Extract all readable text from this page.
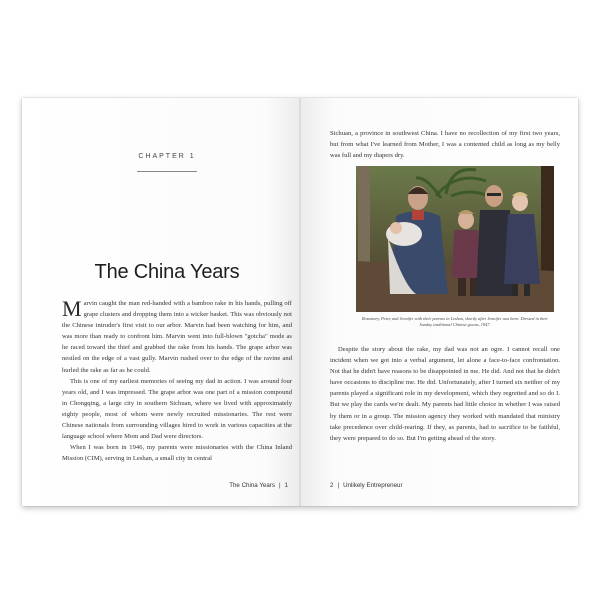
CHAPTER 1
The China Years

Marvin caught the man red-handed with a bamboo rake in his hands, pulling off grape clusters and dropping them into a wicker basket. This was obviously not the Chinese intruder's first visit to our arbor. Marvin had been watching for him, and was more than ready to confront him. Marvin went into full-blown "gotcha" mode as he raced toward the thief and grabbed the rake from his hands. The grape arbor was nestled on the edge of a vast gully. Marvin rushed over to the edge of the ravine and hurled the rake as far as he could.

This is one of my earliest memories of seeing my dad in action. I was around four years old, and I was impressed. The grape arbor was one part of a mission compound in Chongqing, a large city in southern Sichuan, where we lived with approximately eighty people, most of whom were newly recruited missionaries. The rest were Chinese nationals from surrounding villages hired to work in various capacities at the language school where Mom and Dad were directors.

When I was born in 1946, my parents were missionaries with the China Inland Mission (CIM), serving in Leshan, a small city in central

The China Years | 1

Sichuan, a province in southwest China. I have no recollection of my first two years, but from what I've learned from Mother, I was a contented child as long as my belly was full and my diapers dry.

Rosemary, Peter, and Jennifer with their parents in Leshan, shortly after Jennifer was born. Dressed in their Sunday traditional Chinese gowns, 1947.

Despite the story about the rake, my dad was not an ogre. I cannot recall one incident when we got into a verbal argument, let alone a face-to-face confrontation. Not that he didn't have reasons to be disappointed in me. He did. And not that he didn't have occasions to discipline me. He did. Unfortunately, after I turned six neither of my parents played a significant role in my development, which they regretted and so do I. But we play the cards we're dealt. My parents had little choice in whether I was raised by them or in a group. The mission agency they worked with mandated that ministry take precedence over child-rearing. If they, as parents, had to sacrifice to be faithful, they were prepared to do so. But I'm getting ahead of the story.

2 | Unlikely Entrepreneur
